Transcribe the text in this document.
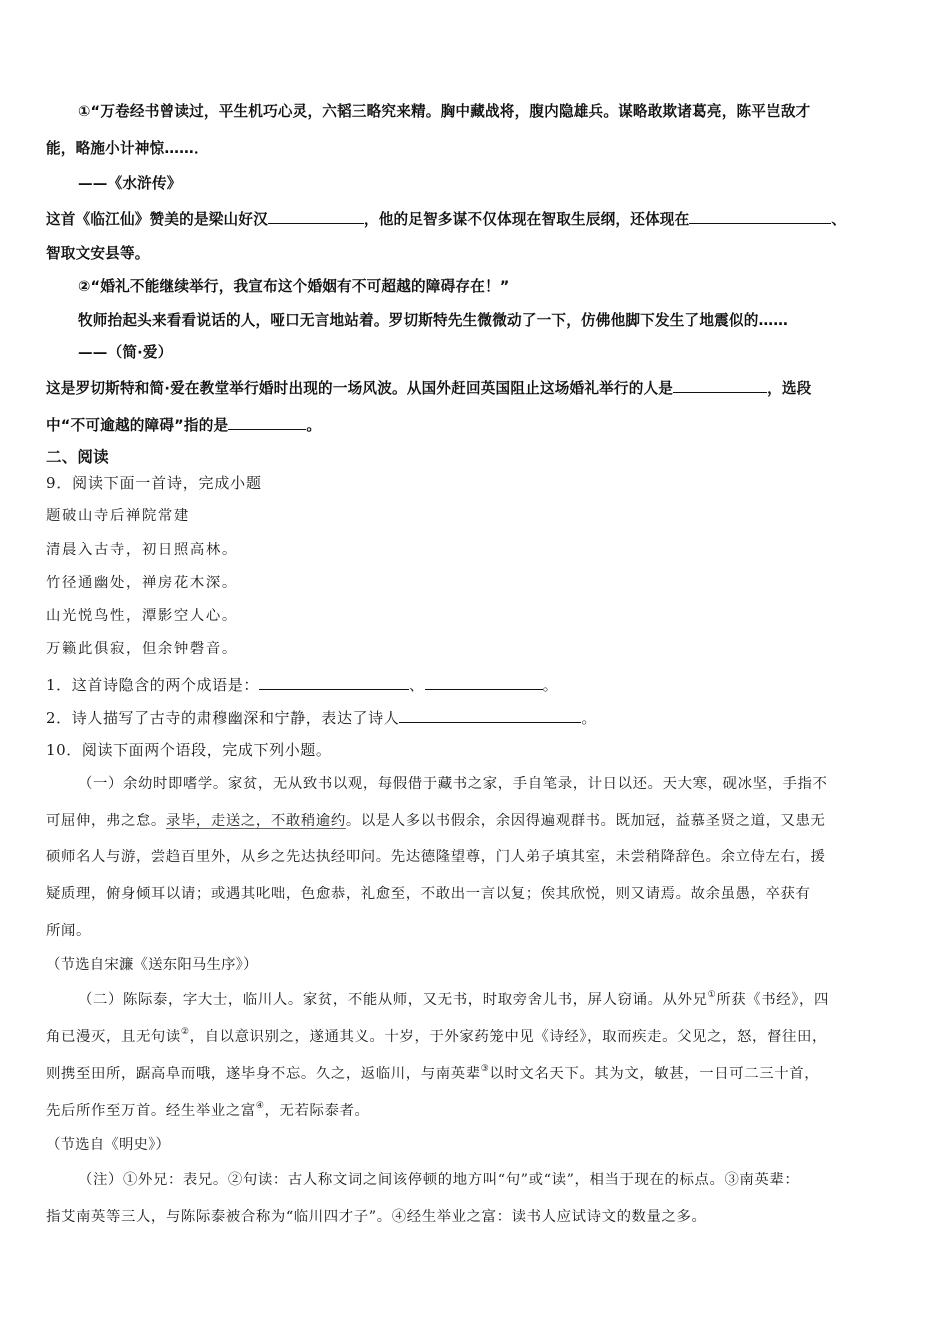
①“万卷经书曾读过，平生机巧心灵，六韬三略究来精。胸中藏战将，腹内隐雄兵。谋略敢欺诸葛亮，陈平岂敌才
能，略施小计神惊……．
——《水浒传》
这首《临江仙》赞美的是梁山好汉	，他的足智多谋不仅体现在智取生辰纲，还体现在	、
智取文安县等。
②“婚礼不能继续举行，我宣布这个婚姻有不可超越的障碍存在！”
牧师抬起头来看看说话的人，哑口无言地站着。罗切斯特先生微微动了一下，仿佛他脚下发生了地震似的……
——（简·爱）
这是罗切斯特和简·爱在教堂举行婚时出现的一场风波。从国外赶回英国阻止这场婚礼举行的人是	，选段
中“不可逾越的障碍”指的是	。
二、阅读
9．阅读下面一首诗，完成小题
题破山寺后禅院常建
清晨入古寺，初日照高林。
竹径通幽处，禅房花木深。
山光悦鸟性，潭影空人心。
万籁此俱寂，但余钟磬音。
1．这首诗隐含的两个成语是：	、	。
2．诗人描写了古寺的肃穆幽深和宁静，表达了诗人	。
10．阅读下面两个语段，完成下列小题。
（一）余幼时即嗜学。家贫，无从致书以观，每假借于藏书之家，手自笔录，计日以还。天大寒，砚冰坚，手指不
可屈伸，弗之怠。录毕，走送之，不敢稍逾约。以是人多以书假余，余因得遍观群书。既加冠，益慕圣贤之道，又患无
硕师名人与游，尝趋百里外，从乡之先达执经叩问。先达德隆望尊，门人弟子填其室，未尝稍降辞色。余立侍左右，援
疑质理，俯身倾耳以请；或遇其叱咄，色愈恭，礼愈至，不敢出一言以复；俟其欣悦，则又请焉。故余虽愚，卒获有
所闻。
（节选自宋濂《送东阳马生序》）
（二）陈际泰，字大士，临川人。家贫，不能从师，又无书，时取旁舍儿书，屏人窃诵。从外兄①所获《书经》，四
角已漫灭，且无句读②，自以意识别之，遂通其义。十岁，于外家药笼中见《诗经》，取而疾走。父见之，怒，督往田，
则携至田所，踞高阜而哦，遂毕身不忘。久之，返临川，与南英辈③以时文名天下。其为文，敏甚，一日可二三十首，
先后所作至万首。经生举业之富④，无若际泰者。
（节选自《明史》）
（注）①外兄：表兄。②句读：古人称文词之间该停顿的地方叫“句”或“读”，相当于现在的标点。③南英辈：
指艾南英等三人，与陈际泰被合称为“临川四才子”。④经生举业之富：读书人应试诗文的数量之多。
